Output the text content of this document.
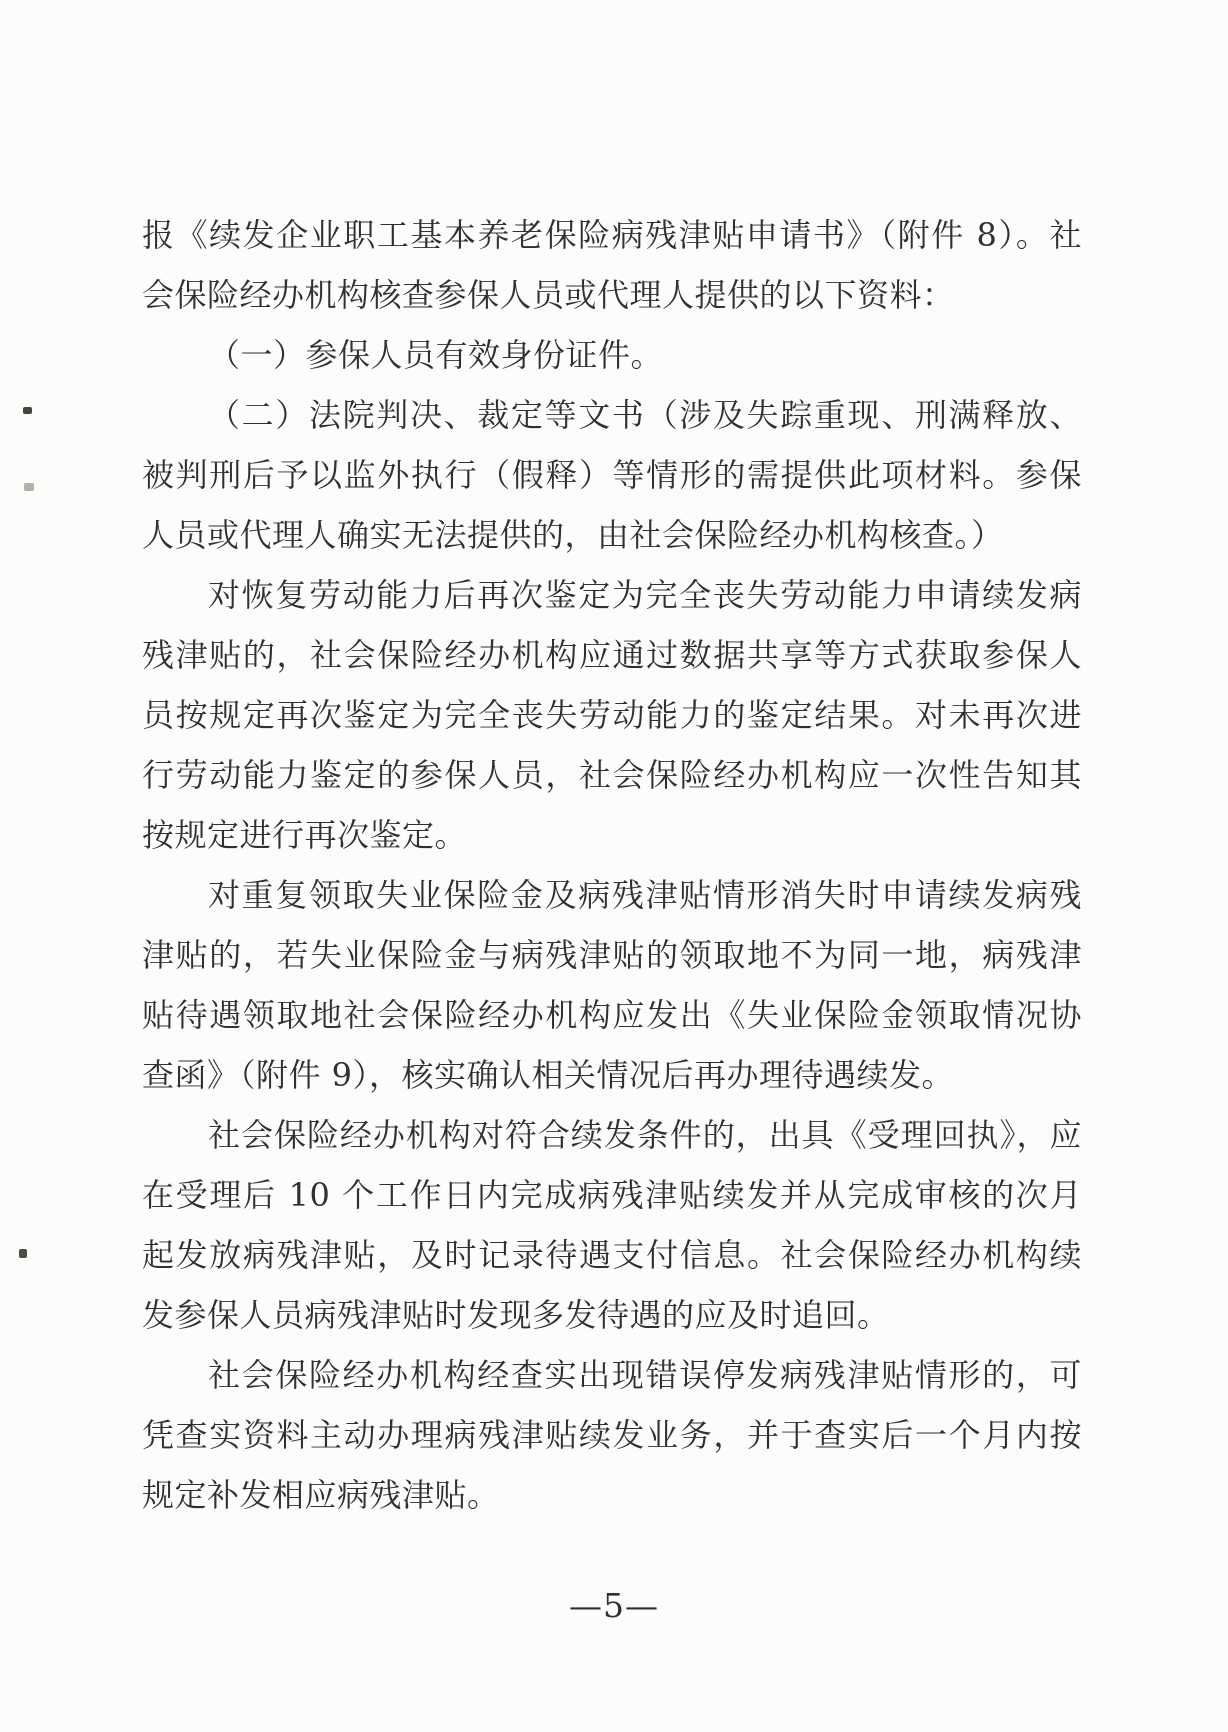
报《续发企业职工基本养老保险病残津贴申请书》（附件 8）。社
会保险经办机构核查参保人员或代理人提供的以下资料：
（一）参保人员有效身份证件。
（二）法院判决、裁定等文书（涉及失踪重现、刑满释放、
被判刑后予以监外执行（假释）等情形的需提供此项材料。参保
人员或代理人确实无法提供的，由社会保险经办机构核查。）
对恢复劳动能力后再次鉴定为完全丧失劳动能力申请续发病
残津贴的，社会保险经办机构应通过数据共享等方式获取参保人
员按规定再次鉴定为完全丧失劳动能力的鉴定结果。对未再次进
行劳动能力鉴定的参保人员，社会保险经办机构应一次性告知其
按规定进行再次鉴定。
对重复领取失业保险金及病残津贴情形消失时申请续发病残
津贴的，若失业保险金与病残津贴的领取地不为同一地，病残津
贴待遇领取地社会保险经办机构应发出《失业保险金领取情况协
查函》（附件 9），核实确认相关情况后再办理待遇续发。
社会保险经办机构对符合续发条件的，出具《受理回执》，应
在受理后 10 个工作日内完成病残津贴续发并从完成审核的次月
起发放病残津贴，及时记录待遇支付信息。社会保险经办机构续
发参保人员病残津贴时发现多发待遇的应及时追回。
社会保险经办机构经查实出现错误停发病残津贴情形的，可
凭查实资料主动办理病残津贴续发业务，并于查实后一个月内按
规定补发相应病残津贴。
—5—
